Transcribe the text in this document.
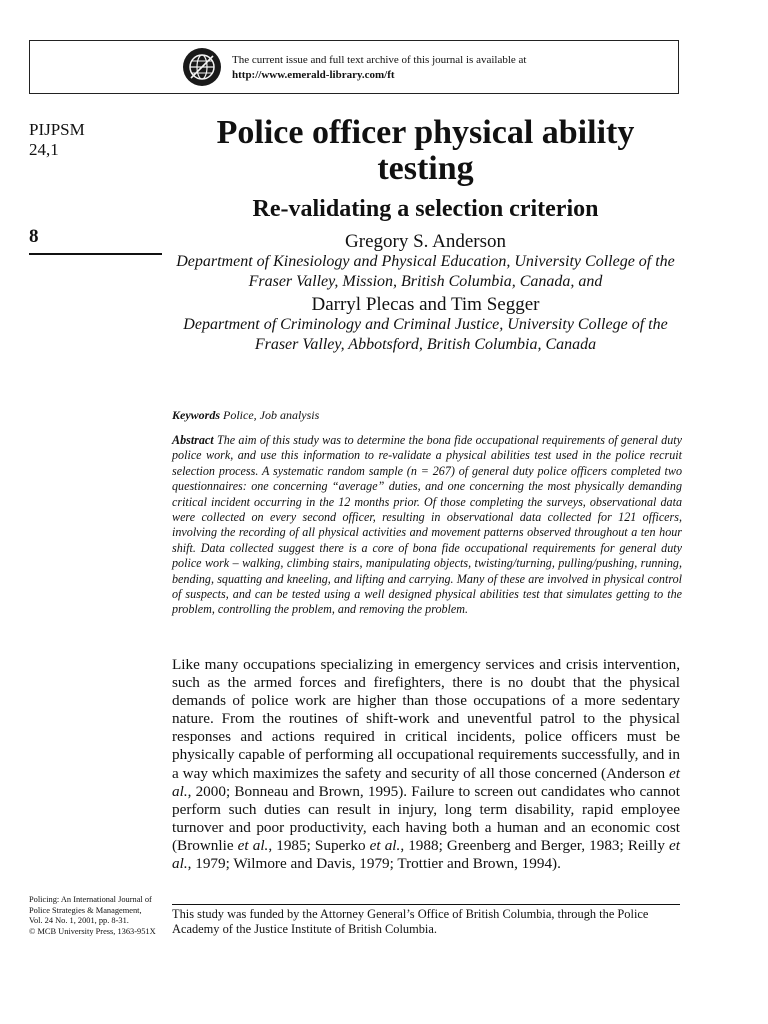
The current issue and full text archive of this journal is available at
http://www.emerald-library.com/ft
PIJPSM
24,1
8
Police officer physical ability testing
Re-validating a selection criterion
Gregory S. Anderson
Department of Kinesiology and Physical Education, University College of the Fraser Valley, Mission, British Columbia, Canada, and
Darryl Plecas and Tim Segger
Department of Criminology and Criminal Justice, University College of the Fraser Valley, Abbotsford, British Columbia, Canada
Keywords Police, Job analysis
Abstract The aim of this study was to determine the bona fide occupational requirements of general duty police work, and use this information to re-validate a physical abilities test used in the police recruit selection process. A systematic random sample (n = 267) of general duty police officers completed two questionnaires: one concerning “average” duties, and one concerning the most physically demanding critical incident occurring in the 12 months prior. Of those completing the surveys, observational data were collected on every second officer, resulting in observational data collected for 121 officers, involving the recording of all physical activities and movement patterns observed throughout a ten hour shift. Data collected suggest there is a core of bona fide occupational requirements for general duty police work – walking, climbing stairs, manipulating objects, twisting/turning, pulling/pushing, running, bending, squatting and kneeling, and lifting and carrying. Many of these are involved in physical control of suspects, and can be tested using a well designed physical abilities test that simulates getting to the problem, controlling the problem, and removing the problem.
Like many occupations specializing in emergency services and crisis intervention, such as the armed forces and firefighters, there is no doubt that the physical demands of police work are higher than those occupations of a more sedentary nature. From the routines of shift-work and uneventful patrol to the physical responses and actions required in critical incidents, police officers must be physically capable of performing all occupational requirements successfully, and in a way which maximizes the safety and security of all those concerned (Anderson et al., 2000; Bonneau and Brown, 1995). Failure to screen out candidates who cannot perform such duties can result in injury, long term disability, rapid employee turnover and poor productivity, each having both a human and an economic cost (Brownlie et al., 1985; Superko et al., 1988; Greenberg and Berger, 1983; Reilly et al., 1979; Wilmore and Davis, 1979; Trottier and Brown, 1994).
Policing: An International Journal of
Police Strategies & Management,
Vol. 24 No. 1, 2001, pp. 8-31.
© MCB University Press, 1363-951X
This study was funded by the Attorney General’s Office of British Columbia, through the Police Academy of the Justice Institute of British Columbia.
